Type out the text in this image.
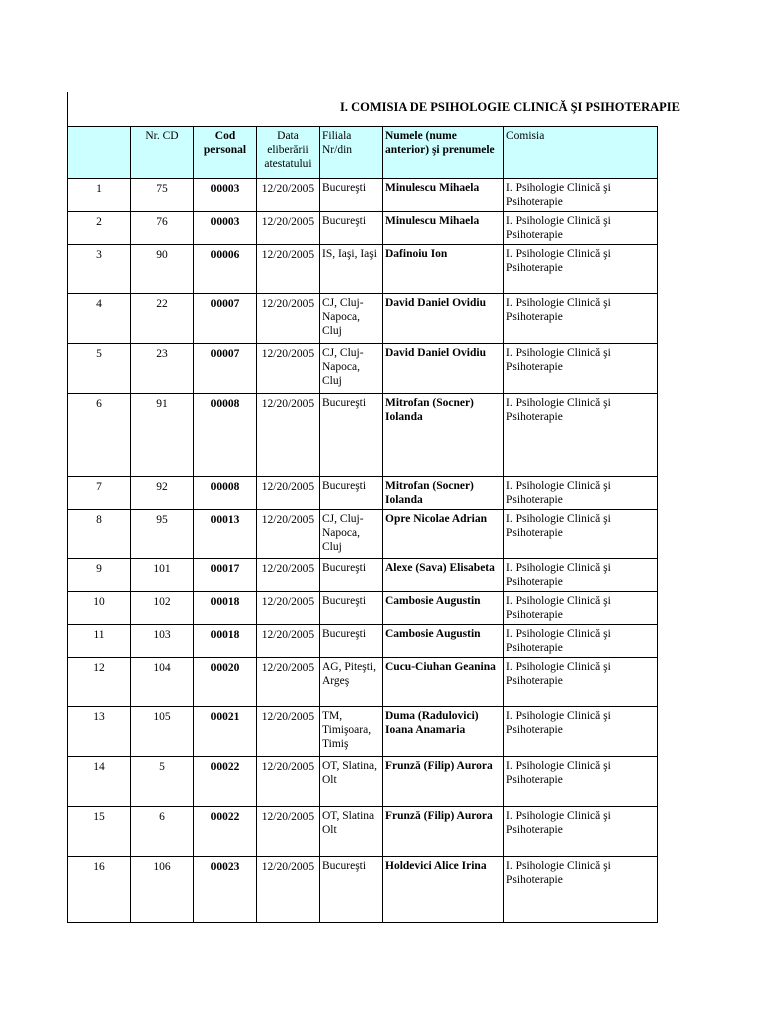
I. COMISIA DE PSIHOLOGIE CLINICĂ ŞI PSIHOTERAPIE						
	Nr. CD	Cod personal	Data eliberării atestatului	Filiala Nr/din	Numele (nume anterior) şi prenumele	Comisia
1	75	00003	12/20/2005	Bucureşti	Minulescu Mihaela	I. Psihologie Clinică şi Psihoterapie
2	76	00003	12/20/2005	Bucureşti	Minulescu Mihaela	I. Psihologie Clinică şi Psihoterapie
3	90	00006	12/20/2005	IS, Iaşi, Iaşi	Dafinoiu Ion	I. Psihologie Clinică şi Psihoterapie
4	22	00007	12/20/2005	CJ, Cluj-Napoca, Cluj	David Daniel Ovidiu	I. Psihologie Clinică şi Psihoterapie
5	23	00007	12/20/2005	CJ, Cluj-Napoca, Cluj	David Daniel Ovidiu	I. Psihologie Clinică şi Psihoterapie
6	91	00008	12/20/2005	Bucureşti	Mitrofan (Socner) Iolanda	I. Psihologie Clinică şi Psihoterapie
7	92	00008	12/20/2005	Bucureşti	Mitrofan (Socner) Iolanda	I. Psihologie Clinică şi Psihoterapie
8	95	00013	12/20/2005	CJ, Cluj-Napoca, Cluj	Opre Nicolae Adrian	I. Psihologie Clinică şi Psihoterapie
9	101	00017	12/20/2005	Bucureşti	Alexe (Sava) Elisabeta	I. Psihologie Clinică şi Psihoterapie
10	102	00018	12/20/2005	Bucureşti	Cambosie Augustin	I. Psihologie Clinică şi Psihoterapie
11	103	00018	12/20/2005	Bucureşti	Cambosie Augustin	I. Psihologie Clinică şi Psihoterapie
12	104	00020	12/20/2005	AG, Piteşti, Argeş	Cucu-Ciuhan Geanina	I. Psihologie Clinică şi Psihoterapie
13	105	00021	12/20/2005	TM, Timişoara, Timiş	Duma (Radulovici) Ioana Anamaria	I. Psihologie Clinică şi Psihoterapie
14	5	00022	12/20/2005	OT, Slatina, Olt	Frunză (Filip) Aurora	I. Psihologie Clinică şi Psihoterapie
15	6	00022	12/20/2005	OT, Slatina Olt	Frunză (Filip) Aurora	I. Psihologie Clinică şi Psihoterapie
16	106	00023	12/20/2005	Bucureşti	Holdevici Alice Irina	I. Psihologie Clinică şi Psihoterapie
